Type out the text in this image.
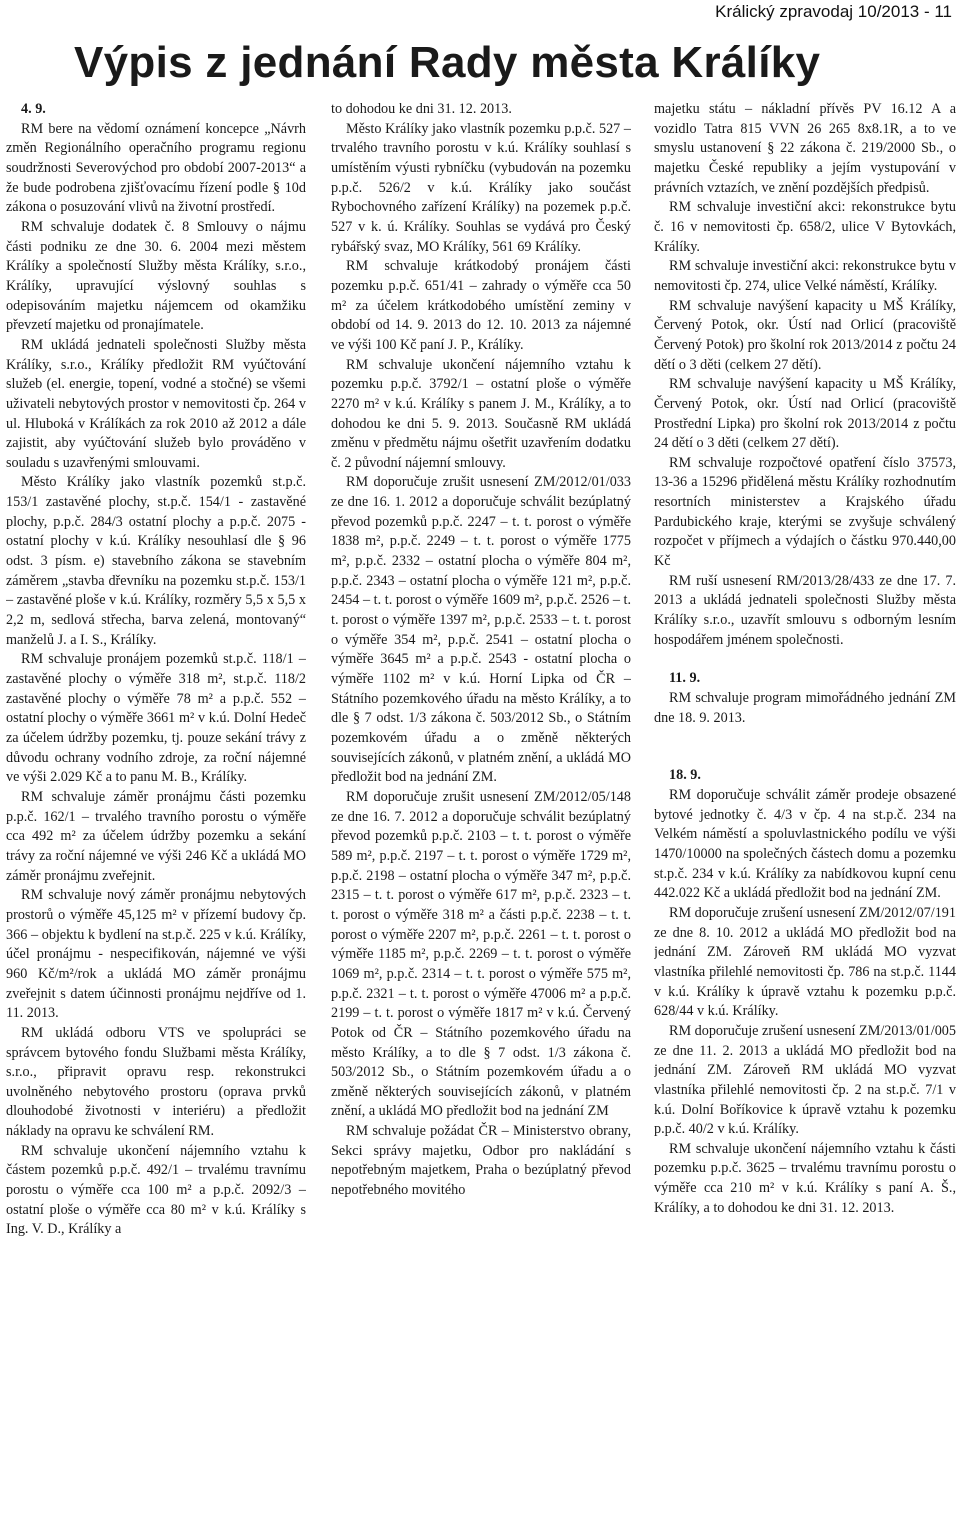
Králický zpravodaj 10/2013 - 11
Výpis z jednání Rady města Králíky
4. 9.

RM bere na vědomí oznámení koncepce „Návrh změn Regionálního operačního programu regionu soudržnosti Severovýchod pro období 2007-2013“ a že bude podrobena zjišťovacímu řízení podle § 10d zákona o posuzování vlivů na životní prostředí.

RM schvaluje dodatek č. 8 Smlouvy o nájmu části podniku ze dne 30. 6. 2004 mezi městem Králíky a společností Služby města Králíky, s.r.o., Králíky, upravující výslovný souhlas s odepisováním majetku nájemcem od okamžiku převzetí majetku od pronajímatele.

RM ukládá jednateli společnosti Služby města Králíky, s.r.o., Králíky předložit RM vyúčtování služeb (el. energie, topení, vodné a stočné) se všemi uživateli nebytových prostor v nemovitosti čp. 264 v ul. Hluboká v Králíkách za rok 2010 až 2012 a dále zajistit, aby vyúčtování služeb bylo prováděno v souladu s uzavřenými smlouvami.

Město Králíky jako vlastník pozemků st.p.č. 153/1 zastavěné plochy, st.p.č. 154/1 - zastavěné plochy, p.p.č. 284/3 ostatní plochy a p.p.č. 2075 - ostatní plochy v k.ú. Králíky nesouhlasí dle § 96 odst. 3 písm. e) stavebního zákona se stavebním záměrem „stavba dřevníku na pozemku st.p.č. 153/1 – zastavěné ploše v k.ú. Králíky, rozměry 5,5 x 5,5 x 2,2 m, sedlová střecha, barva zelená, montovaný“ manželů J. a I. S., Králíky.

RM schvaluje pronájem pozemků st.p.č. 118/1 – zastavěné plochy o výměře 318 m², st.p.č. 118/2 zastavěné plochy o výměře 78 m² a p.p.č. 552 – ostatní plochy o výměře 3661 m² v k.ú. Dolní Hedeč za účelem údržby pozemku, tj. pouze sekání trávy z důvodu ochrany vodního zdroje, za roční nájemné ve výši 2.029 Kč a to panu M. B., Králíky.

RM schvaluje záměr pronájmu části pozemku p.p.č. 162/1 – trvalého travního porostu o výměře cca 492 m² za účelem údržby pozemku a sekání trávy za roční nájemné ve výši 246 Kč a ukládá MO záměr pronájmu zveřejnit.

RM schvaluje nový záměr pronájmu nebytových prostorů o výměře 45,125 m² v přízemí budovy čp. 366 – objektu k bydlení na st.p.č. 225 v k.ú. Králíky, účel pronájmu - nespecifikován, nájemné ve výši 960 Kč/m²/rok a ukládá MO záměr pronájmu zveřejnit s datem účinnosti pronájmu nejdříve od 1. 11. 2013.

RM ukládá odboru VTS ve spolupráci se správcem bytového fondu Službami města Králíky, s.r.o., připravit opravu resp. rekonstrukci uvolněného nebytového prostoru (oprava prvků dlouhodobé životnosti v interiéru) a předložit náklady na opravu ke schválení RM.

RM schvaluje ukončení nájemního vztahu k částem pozemků p.p.č. 492/1 – trvalému travnímu porostu o výměře cca 100 m² a p.p.č. 2092/3 – ostatní ploše o výměře cca 80 m² v k.ú. Králíky s Ing. V. D., Králíky a

to dohodou ke dni 31. 12. 2013.

Město Králíky jako vlastník pozemku p.p.č. 527 – trvalého travního porostu v k.ú. Králíky souhlasí s umístěním výusti rybníčku (vybudován na pozemku p.p.č. 526/2 v k.ú. Králíky jako součást Rybochovného zařízení Králíky) na pozemek p.p.č. 527 v k. ú. Králíky. Souhlas se vydává pro Český rybářský svaz, MO Králíky, 561 69 Králíky.

RM schvaluje krátkodobý pronájem části pozemku p.p.č. 651/41 – zahrady o výměře cca 50 m² za účelem krátkodobého umístění zeminy v období od 14. 9. 2013 do 12. 10. 2013 za nájemné ve výši 100 Kč paní J. P., Králíky.

RM schvaluje ukončení nájemního vztahu k pozemku p.p.č. 3792/1 – ostatní ploše o výměře 2270 m² v k.ú. Králíky s panem J. M., Králíky, a to dohodou ke dni 5. 9. 2013. Současně RM ukládá změnu v předmětu nájmu ošetřit uzavřením dodatku č. 2 původní nájemní smlouvy.

RM doporučuje zrušit usnesení ZM/2012/01/033 ze dne 16. 1. 2012 a doporučuje schválit bezúplatný převod pozemků p.p.č. 2247 – t. t. porost o výměře 1838 m², p.p.č. 2249 – t. t. porost o výměře 1775 m², p.p.č. 2332 – ostatní plocha o výměře 804 m², p.p.č. 2343 – ostatní plocha o výměře 121 m², p.p.č. 2454 – t. t. porost o výměře 1609 m², p.p.č. 2526 – t. t. porost o výměře 1397 m², p.p.č. 2533 – t. t. porost o výměře 354 m², p.p.č. 2541 – ostatní plocha o výměře 3645 m² a p.p.č. 2543 - ostatní plocha o výměře 1102 m² v k.ú. Horní Lipka od ČR – Státního pozemkového úřadu na město Králíky, a to dle § 7 odst. 1/3 zákona č. 503/2012 Sb., o Státním pozemkovém úřadu a o změně některých souvisejících zákonů, v platném znění, a ukládá MO předložit bod na jednání ZM.

RM doporučuje zrušit usnesení ZM/2012/05/148 ze dne 16. 7. 2012 a doporučuje schválit bezúplatný převod pozemků p.p.č. 2103 – t. t. porost o výměře 589 m², p.p.č. 2197 – t. t. porost o výměře 1729 m², p.p.č. 2198 – ostatní plocha o výměře 347 m², p.p.č. 2315 – t. t. porost o výměře 617 m², p.p.č. 2323 – t. t. porost o výměře 318 m² a části p.p.č. 2238 – t. t. porost o výměře 2207 m², p.p.č. 2261 – t. t. porost o výměře 1185 m², p.p.č. 2269 – t. t. porost o výměře 1069 m², p.p.č. 2314 – t. t. porost o výměře 575 m², p.p.č. 2321 – t. t. porost o výměře 47006 m² a p.p.č. 2199 – t. t. porost o výměře 1817 m² v k.ú. Červený Potok od ČR – Státního pozemkového úřadu na město Králíky, a to dle § 7 odst. 1/3 zákona č. 503/2012 Sb., o Státním pozemkovém úřadu a o změně některých souvisejících zákonů, v platném znění, a ukládá MO předložit bod na jednání ZM

RM schvaluje požádat ČR – Ministerstvo obrany, Sekci správy majetku, Odbor pro nakládání s nepotřebným majetkem, Praha o bezúplatný převod nepotřebného movitého

majetku státu – nákladní přívěs PV 16.12 A a vozidlo Tatra 815 VVN 26 265 8x8.1R, a to ve smyslu ustanovení § 22 zákona č. 219/2000 Sb., o majetku České republiky a jejím vystupování v právních vztazích, ve znění pozdějších předpisů.

RM schvaluje investiční akci: rekonstrukce bytu č. 16 v nemovitosti čp. 658/2, ulice V Bytovkách, Králíky.

RM schvaluje investiční akci: rekonstrukce bytu v nemovitosti čp. 274, ulice Velké náměstí, Králíky.

RM schvaluje navýšení kapacity u MŠ Králíky, Červený Potok, okr. Ústí nad Orlicí (pracoviště Červený Potok) pro školní rok 2013/2014 z počtu 24 dětí o 3 děti (celkem 27 dětí).

RM schvaluje navýšení kapacity u MŠ Králíky, Červený Potok, okr. Ústí nad Orlicí (pracoviště Prostřední Lipka) pro školní rok 2013/2014 z počtu 24 dětí o 3 děti (celkem 27 dětí).

RM schvaluje rozpočtové opatření číslo 37573, 13-36 a 15296 přidělená městu Králíky rozhodnutím resortních ministerstev a Krajského úřadu Pardubického kraje, kterými se zvyšuje schválený rozpočet v příjmech a výdajích o částku 970.440,00 Kč

RM ruší usnesení RM/2013/28/433 ze dne 17. 7. 2013 a ukládá jednateli společnosti Služby města Králíky s.r.o., uzavřít smlouvu s odborným lesním hospodářem jménem společnosti.

11. 9.

RM schvaluje program mimořádného jednání ZM dne 18. 9. 2013.

18. 9.

RM doporučuje schválit záměr prodeje obsazené bytové jednotky č. 4/3 v čp. 4 na st.p.č. 234 na Velkém náměstí a spoluvlastnického podílu ve výši 1470/10000 na společných částech domu a pozemku st.p.č. 234 v k.ú. Králíky za nabídkovou kupní cenu 442.022 Kč a ukládá předložit bod na jednání ZM.

RM doporučuje zrušení usnesení ZM/2012/07/191 ze dne 8. 10. 2012 a ukládá MO předložit bod na jednání ZM. Zároveň RM ukládá MO vyzvat vlastníka přilehlé nemovitosti čp. 786 na st.p.č. 1144 v k.ú. Králíky k úpravě vztahu k pozemku p.p.č. 628/44 v k.ú. Králíky.

RM doporučuje zrušení usnesení ZM/2013/01/005 ze dne 11. 2. 2013 a ukládá MO předložit bod na jednání ZM. Zároveň RM ukládá MO vyzvat vlastníka přilehlé nemovitosti čp. 2 na st.p.č. 7/1 v k.ú. Dolní Boříkovice k úpravě vztahu k pozemku p.p.č. 40/2 v k.ú. Králíky.

RM schvaluje ukončení nájemního vztahu k části pozemku p.p.č. 3625 – trvalému travnímu porostu o výměře cca 210 m² v k.ú. Králíky s paní A. Š., Králíky, a to dohodou ke dni 31. 12. 2013.
